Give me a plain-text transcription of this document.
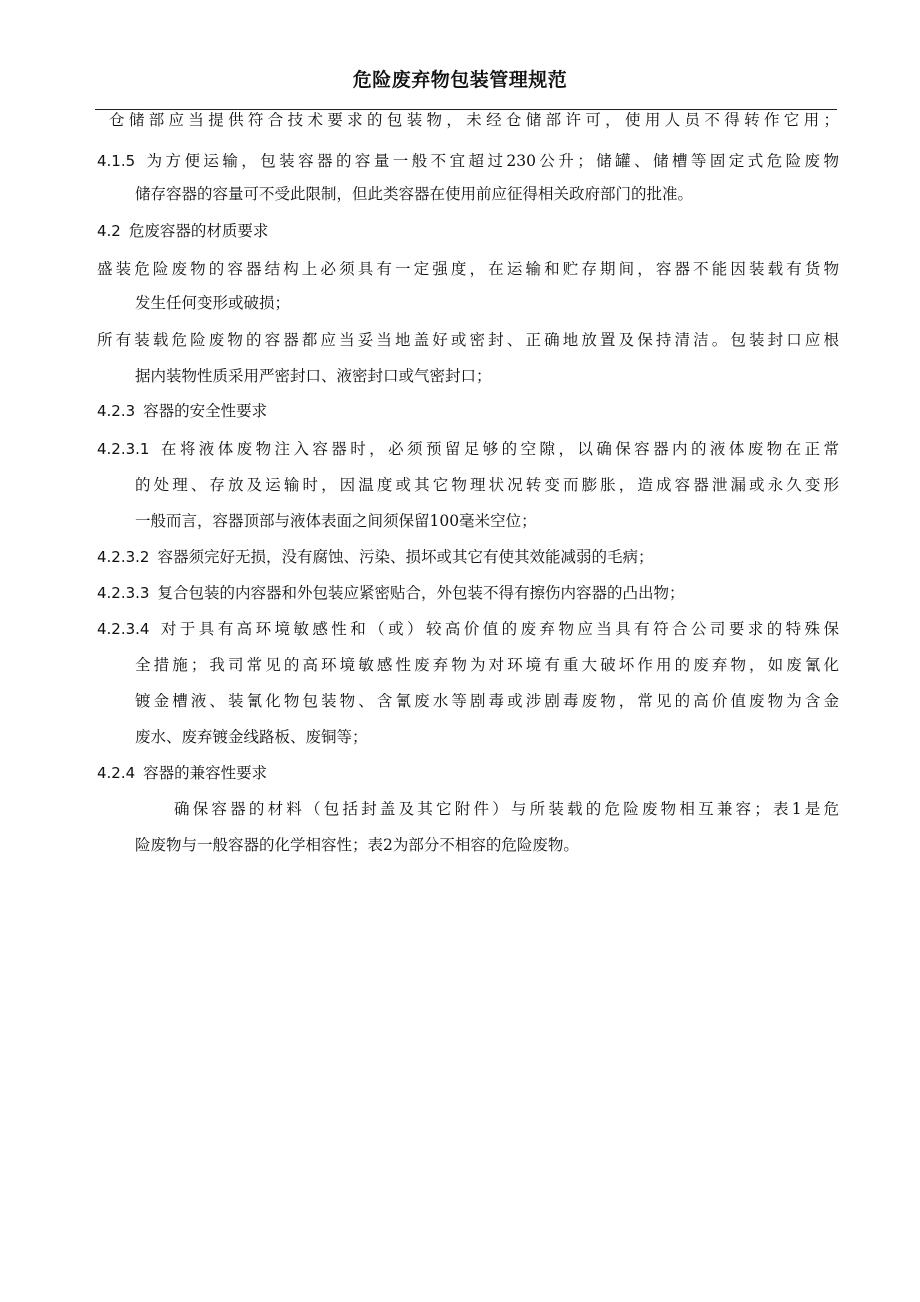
危险废弃物包装管理规范

仓储部应当提供符合技术要求的包装物，未经仓储部许可，使用人员不得转作它用；

4.1.5 为方便运输，包装容器的容量一般不宜超过230公升；储罐、储槽等固定式危险废物

储存容器的容量可不受此限制，但此类容器在使用前应征得相关政府部门的批准。

4.2 危废容器的材质要求

盛装危险废物的容器结构上必须具有一定强度，在运输和贮存期间，容器不能因装载有货物

发生任何变形或破损；

所有装载危险废物的容器都应当妥当地盖好或密封、正确地放置及保持清洁。包装封口应根

据内装物性质采用严密封口、液密封口或气密封口；

4.2.3 容器的安全性要求

4.2.3.1 在将液体废物注入容器时，必须预留足够的空隙，以确保容器内的液体废物在正常

的处理、存放及运输时，因温度或其它物理状况转变而膨胀，造成容器泄漏或永久变形

一般而言，容器顶部与液体表面之间须保留100毫米空位；

4.2.3.2 容器须完好无损，没有腐蚀、污染、损坏或其它有使其效能减弱的毛病；

4.2.3.3 复合包装的内容器和外包装应紧密贴合，外包装不得有擦伤内容器的凸出物；

4.2.3.4 对于具有高环境敏感性和（或）较高价值的废弃物应当具有符合公司要求的特殊保

全措施；我司常见的高环境敏感性废弃物为对环境有重大破坏作用的废弃物，如废氰化

镀金槽液、装氰化物包装物、含氰废水等剧毒或涉剧毒废物，常见的高价值废物为含金

废水、废弃镀金线路板、废铜等；

4.2.4 容器的兼容性要求

确保容器的材料（包括封盖及其它附件）与所装载的危险废物相互兼容；表1是危

险废物与一般容器的化学相容性；表2为部分不相容的危险废物。
